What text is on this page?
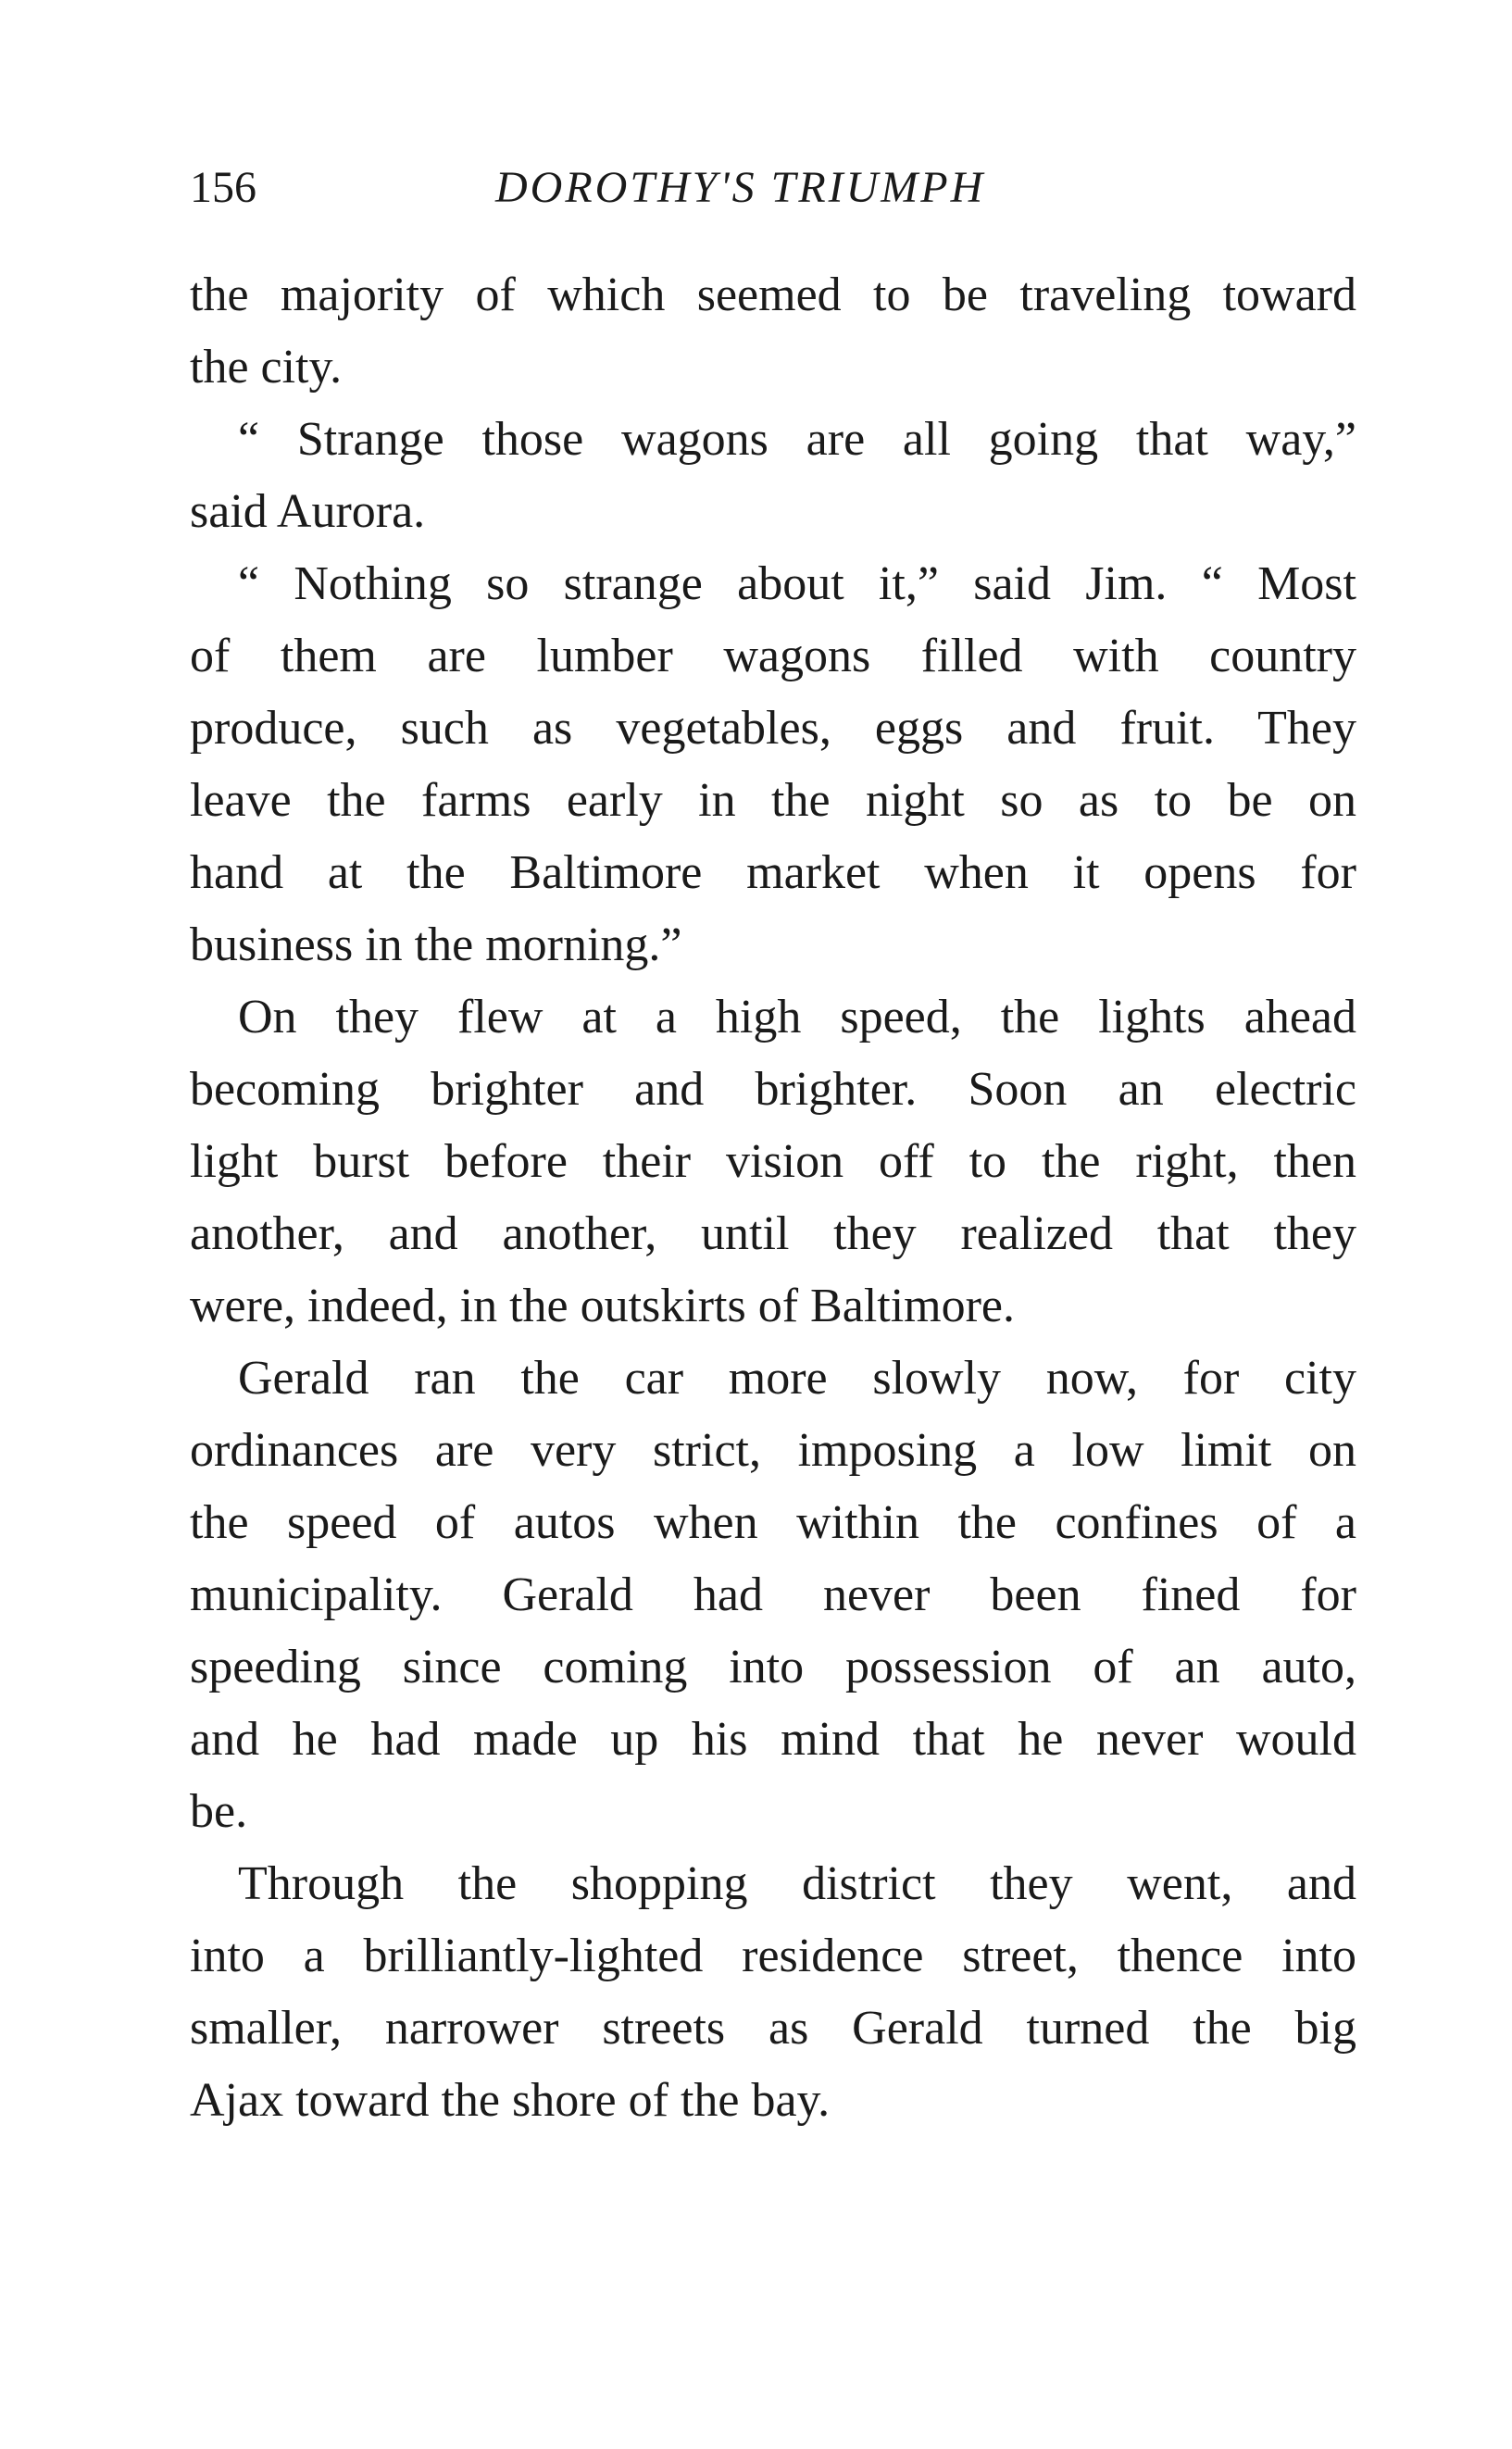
156	DOROTHY'S TRIUMPH

the majority of which seemed to be traveling toward
the city.

“ Strange those wagons are all going that way,”
said Aurora.

“ Nothing so strange about it,” said Jim. “ Most
of them are lumber wagons filled with country
produce, such as vegetables, eggs and fruit. They
leave the farms early in the night so as to be on
hand at the Baltimore market when it opens for
business in the morning.”

On they flew at a high speed, the lights ahead
becoming brighter and brighter. Soon an electric
light burst before their vision off to the right, then
another, and another, until they realized that they
were, indeed, in the outskirts of Baltimore.

Gerald ran the car more slowly now, for city
ordinances are very strict, imposing a low limit on
the speed of autos when within the confines of a
municipality. Gerald had never been fined for
speeding since coming into possession of an auto,
and he had made up his mind that he never would
be.

Through the shopping district they went, and
into a brilliantly-lighted residence street, thence into
smaller, narrower streets as Gerald turned the big
Ajax toward the shore of the bay.
